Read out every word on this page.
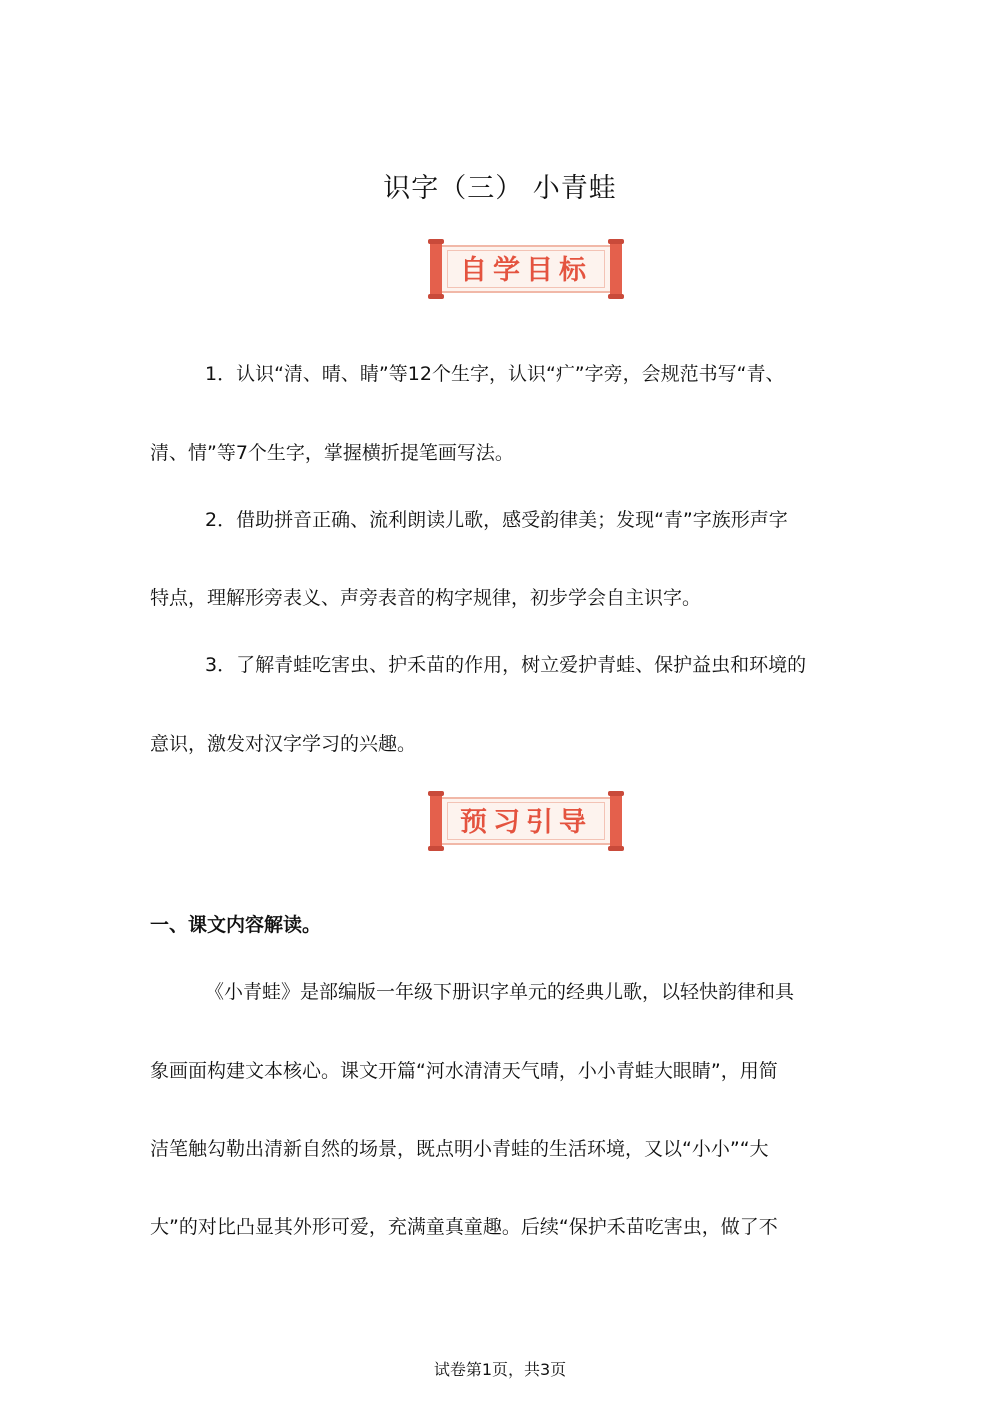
识字（三） 小青蛙
自学目标
1．认识“清、晴、睛”等12个生字，认识“疒”字旁，会规范书写“青、
清、情”等7个生字，掌握横折提笔画写法。
2．借助拼音正确、流利朗读儿歌，感受韵律美；发现“青”字族形声字
特点，理解形旁表义、声旁表音的构字规律，初步学会自主识字。
3．了解青蛙吃害虫、护禾苗的作用，树立爱护青蛙、保护益虫和环境的
意识，激发对汉字学习的兴趣。
预习引导
一、课文内容解读。
《小青蛙》是部编版一年级下册识字单元的经典儿歌，以轻快韵律和具
象画面构建文本核心。课文开篇“河水清清天气晴，小小青蛙大眼睛”，用简
洁笔触勾勒出清新自然的场景，既点明小青蛙的生活环境，又以“小小”“大
大”的对比凸显其外形可爱，充满童真童趣。后续“保护禾苗吃害虫，做了不
试卷第1页，共3页
